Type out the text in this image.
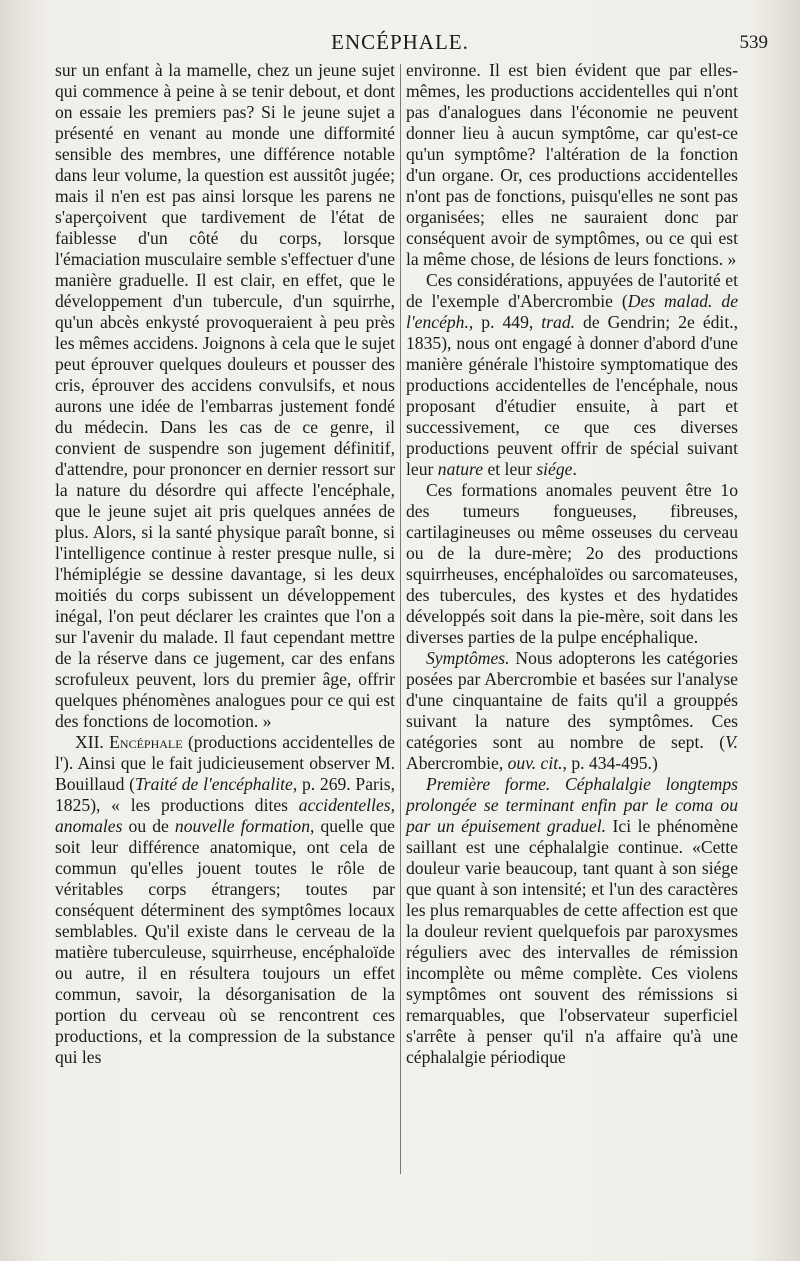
ENCÉPHALE.	539

sur un enfant à la mamelle, chez un jeune sujet qui commence à peine à se tenir debout, et dont on essaie les premiers pas? Si le jeune sujet a présenté en venant au monde une difformité sensible des membres, une différence notable dans leur volume, la question est aussitôt jugée; mais il n'en est pas ainsi lorsque les parens ne s'aperçoivent que tardivement de l'état de faiblesse d'un côté du corps, lorsque l'émaciation musculaire semble s'effectuer d'une manière graduelle. Il est clair, en effet, que le développement d'un tubercule, d'un squirrhe, qu'un abcès enkysté provoqueraient à peu près les mêmes accidens. Joignons à cela que le sujet peut éprouver quelques douleurs et pousser des cris, éprouver des accidens convulsifs, et nous aurons une idée de l'embarras justement fondé du médecin. Dans les cas de ce genre, il convient de suspendre son jugement définitif, d'attendre, pour prononcer en dernier ressort sur la nature du désordre qui affecte l'encéphale, que le jeune sujet ait pris quelques années de plus. Alors, si la santé physique paraît bonne, si l'intelligence continue à rester presque nulle, si l'hémiplégie se dessine davantage, si les deux moitiés du corps subissent un développement inégal, l'on peut déclarer les craintes que l'on a sur l'avenir du malade. Il faut cependant mettre de la réserve dans ce jugement, car des enfans scrofuleux peuvent, lors du premier âge, offrir quelques phénomènes analogues pour ce qui est des fonctions de locomotion. »

XII. Encéphale (productions accidentelles de l'). Ainsi que le fait judicieusement observer M. Bouillaud (Traité de l'encéphalite, p. 269. Paris, 1825), « les productions dites accidentelles, anomales ou de nouvelle formation, quelle que soit leur différence anatomique, ont cela de commun qu'elles jouent toutes le rôle de véritables corps étrangers; toutes par conséquent déterminent des symptômes locaux semblables. Qu'il existe dans le cerveau de la matière tuberculeuse, squirrheuse, encéphaloïde ou autre, il en résultera toujours un effet commun, savoir, la désorganisation de la portion du cerveau où se rencontrent ces productions, et la compression de la substance qui les

environne. Il est bien évident que par elles-mêmes, les productions accidentelles qui n'ont pas d'analogues dans l'économie ne peuvent donner lieu à aucun symptôme, car qu'est-ce qu'un symptôme? l'altération de la fonction d'un organe. Or, ces productions accidentelles n'ont pas de fonctions, puisqu'elles ne sont pas organisées; elles ne sauraient donc par conséquent avoir de symptômes, ou ce qui est la même chose, de lésions de leurs fonctions. »

Ces considérations, appuyées de l'autorité et de l'exemple d'Abercrombie (Des malad. de l'encéph., p. 449, trad. de Gendrin; 2e édit., 1835), nous ont engagé à donner d'abord d'une manière générale l'histoire symptomatique des productions accidentelles de l'encéphale, nous proposant d'étudier ensuite, à part et successivement, ce que ces diverses productions peuvent offrir de spécial suivant leur nature et leur siége.

Ces formations anomales peuvent être 1o des tumeurs fongueuses, fibreuses, cartilagineuses ou même osseuses du cerveau ou de la dure-mère; 2o des productions squirrheuses, encéphaloïdes ou sarcomateuses, des tubercules, des kystes et des hydatides développés soit dans la pie-mère, soit dans les diverses parties de la pulpe encéphalique.

Symptômes. Nous adopterons les catégories posées par Abercrombie et basées sur l'analyse d'une cinquantaine de faits qu'il a grouppés suivant la nature des symptômes. Ces catégories sont au nombre de sept. (V. Abercrombie, ouv. cit., p. 434-495.)

Première forme. Céphalalgie longtemps prolongée se terminant enfin par le coma ou par un épuisement graduel. Ici le phénomène saillant est une céphalalgie continue. «Cette douleur varie beaucoup, tant quant à son siége que quant à son intensité; et l'un des caractères les plus remarquables de cette affection est que la douleur revient quelquefois par paroxysmes réguliers avec des intervalles de rémission incomplète ou même complète. Ces violens symptômes ont souvent des rémissions si remarquables, que l'observateur superficiel s'arrête à penser qu'il n'a affaire qu'à une céphalalgie périodique
